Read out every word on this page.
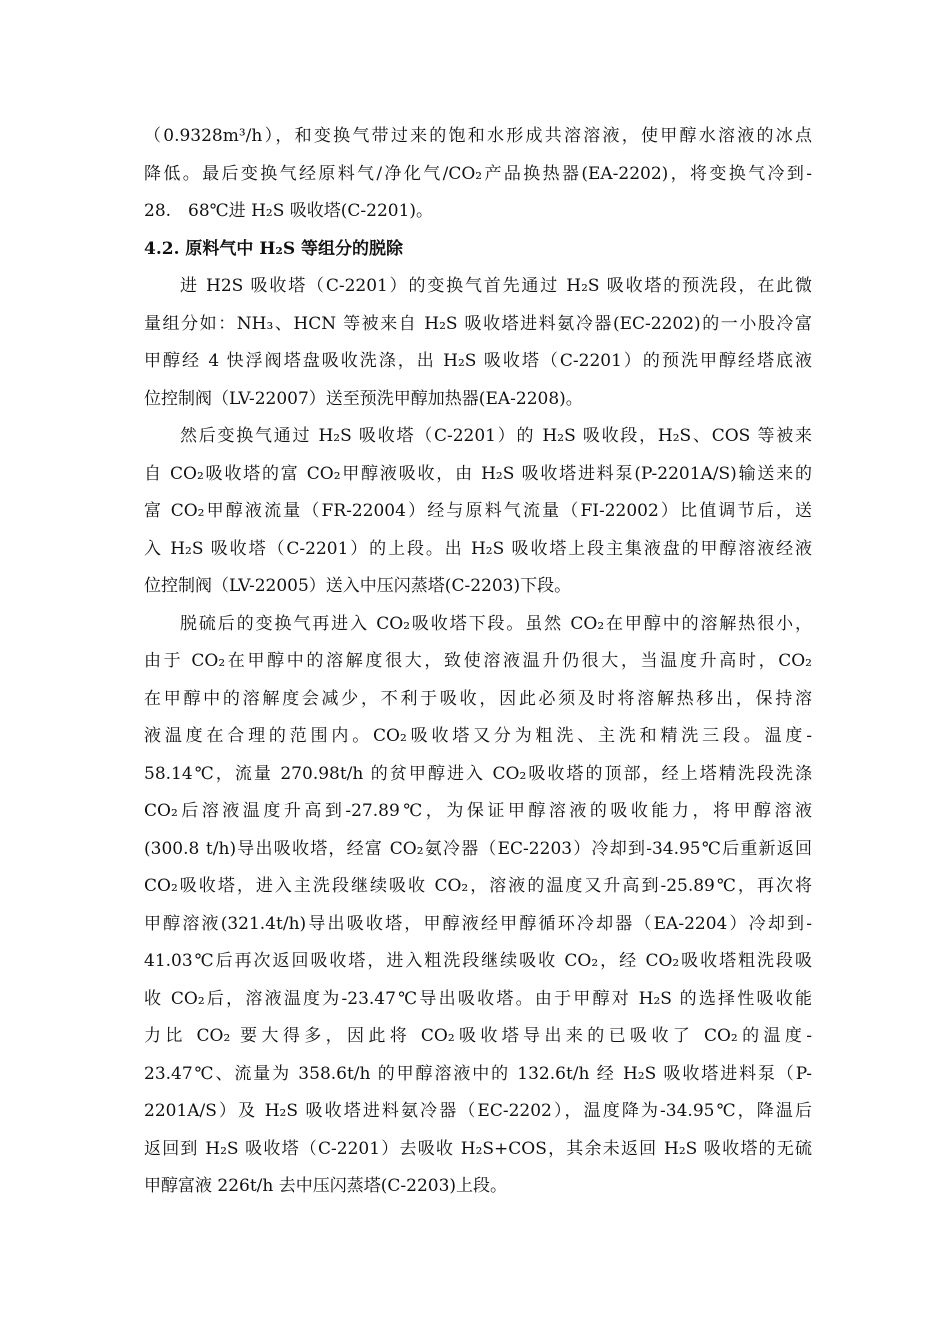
（0.9328m³/h），和变换气带过来的饱和水形成共溶溶液，使甲醇水溶液的冰点
降低。最后变换气经原料气/净化气/CO₂产品换热器(EA-2202)，将变换气冷到-
28.　68℃进 H₂S 吸收塔(C-2201)。
4.2. 原料气中 H₂S 等组分的脱除
进 H2S 吸收塔（C-2201）的变换气首先通过 H₂S 吸收塔的预洗段，在此微
量组分如：NH₃、HCN 等被来自 H₂S 吸收塔进料氨冷器(EC-2202)的一小股冷富
甲醇经 4 快浮阀塔盘吸收洗涤，出 H₂S 吸收塔（C-2201）的预洗甲醇经塔底液
位控制阀（LV-22007）送至预洗甲醇加热器(EA-2208)。
然后变换气通过 H₂S 吸收塔（C-2201）的 H₂S 吸收段，H₂S、COS 等被来
自 CO₂吸收塔的富 CO₂甲醇液吸收，由 H₂S 吸收塔进料泵(P-2201A/S)输送来的
富 CO₂甲醇液流量（FR-22004）经与原料气流量（FI-22002）比值调节后，送
入 H₂S 吸收塔（C-2201）的上段。出 H₂S 吸收塔上段主集液盘的甲醇溶液经液
位控制阀（LV-22005）送入中压闪蒸塔(C-2203)下段。
脱硫后的变换气再进入 CO₂吸收塔下段。虽然 CO₂在甲醇中的溶解热很小，
由于 CO₂在甲醇中的溶解度很大，致使溶液温升仍很大，当温度升高时，CO₂
在甲醇中的溶解度会减少，不利于吸收，因此必须及时将溶解热移出，保持溶
液温度在合理的范围内。CO₂吸收塔又分为粗洗、主洗和精洗三段。温度-
58.14℃，流量 270.98t/h 的贫甲醇进入 CO₂吸收塔的顶部，经上塔精洗段洗涤
CO₂后溶液温度升高到-27.89℃，为保证甲醇溶液的吸收能力，将甲醇溶液
(300.8 t/h)导出吸收塔，经富 CO₂氨冷器（EC-2203）冷却到-34.95℃后重新返回
CO₂吸收塔，进入主洗段继续吸收 CO₂，溶液的温度又升高到-25.89℃，再次将
甲醇溶液(321.4t/h)导出吸收塔，甲醇液经甲醇循环冷却器（EA-2204）冷却到-
41.03℃后再次返回吸收塔，进入粗洗段继续吸收 CO₂，经 CO₂吸收塔粗洗段吸
收 CO₂后，溶液温度为-23.47℃导出吸收塔。由于甲醇对 H₂S 的选择性吸收能
力比 CO₂ 要大得多，因此将 CO₂吸收塔导出来的已吸收了 CO₂的温度-
23.47℃、流量为 358.6t/h 的甲醇溶液中的 132.6t/h 经 H₂S 吸收塔进料泵（P-
2201A/S）及 H₂S 吸收塔进料氨冷器（EC-2202），温度降为-34.95℃，降温后
返回到 H₂S 吸收塔（C-2201）去吸收 H₂S+COS，其余未返回 H₂S 吸收塔的无硫
甲醇富液 226t/h 去中压闪蒸塔(C-2203)上段。
